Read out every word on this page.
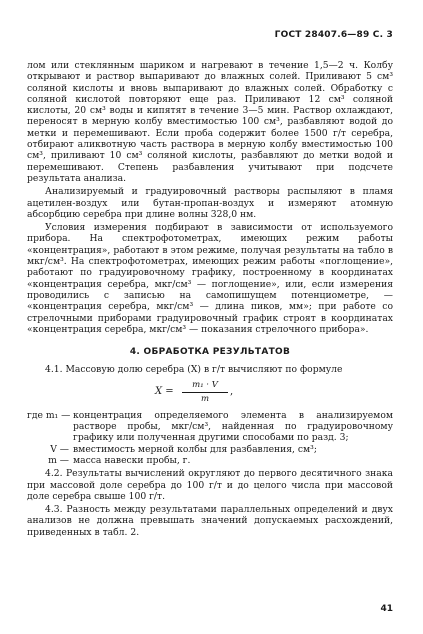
ГОСТ 28407.6—89 С. 3

лом или стеклянным шариком и нагревают в течение 1,5—2 ч. Колбу открывают и раствор выпаривают до влажных солей. Приливают 5 см³ соляной кислоты и вновь выпаривают до влажных солей. Обработку с соляной кислотой повторяют еще раз. Приливают 12 см³ соляной кислоты, 20 см³ воды и кипятят в течение 3—5 мин. Раствор охлаждают, переносят в мерную колбу вместимостью 100 см³, разбавляют водой до метки и перемешивают. Если проба содержит более 1500 г/т серебра, отбирают аликвотную часть раствора в мерную колбу вместимостью 100 см³, приливают 10 см³ соляной кислоты, разбавляют до метки водой и перемешивают. Степень разбавления учитывают при подсчете результата анализа.

Анализируемый и градуировочный растворы распыляют в пламя ацетилен-воздух или бутан-пропан-воздух и измеряют атомную абсорбцию серебра при длине волны 328,0 нм.

Условия измерения подбирают в зависимости от используемого прибора. На спектрофотометрах, имеющих режим работы «концентрация», работают в этом режиме, получая результаты на табло в мкг/см³. На спектрофотометрах, имеющих режим работы «поглощение», работают по градуировочному графику, построенному в координатах «концентрация серебра, мкг/см³ — поглощение», или, если измерения проводились с записью на самопишущем потенциометре, — «концентрация серебра, мкг/см³ — длина пиков, мм»; при работе со стрелочными приборами градуировочный график строят в координатах «концентрация серебра, мкг/см³ — показания стрелочного прибора».

4. ОБРАБОТКА РЕЗУЛЬТАТОВ

4.1. Массовую долю серебра (X) в г/т вычисляют по формуле

$X = \frac{\text{m₁ · V}}{m}$ ,
где m₁ — концентрация определяемого элемента в анализируемом растворе пробы, мкг/см³, найденная по градуировочному графику или полученная другими способами по разд. 3;
V — вместимость мерной колбы для разбавления, см³;
m — масса навески пробы, г.

4.2. Результаты вычислений округляют до первого десятичного знака при массовой доле серебра до 100 г/т и до целого числа при массовой доле серебра свыше 100 г/т.

4.3. Разность между результатами параллельных определений и двух анализов не должна превышать значений допускаемых расхождений, приведенных в табл. 2.

41
